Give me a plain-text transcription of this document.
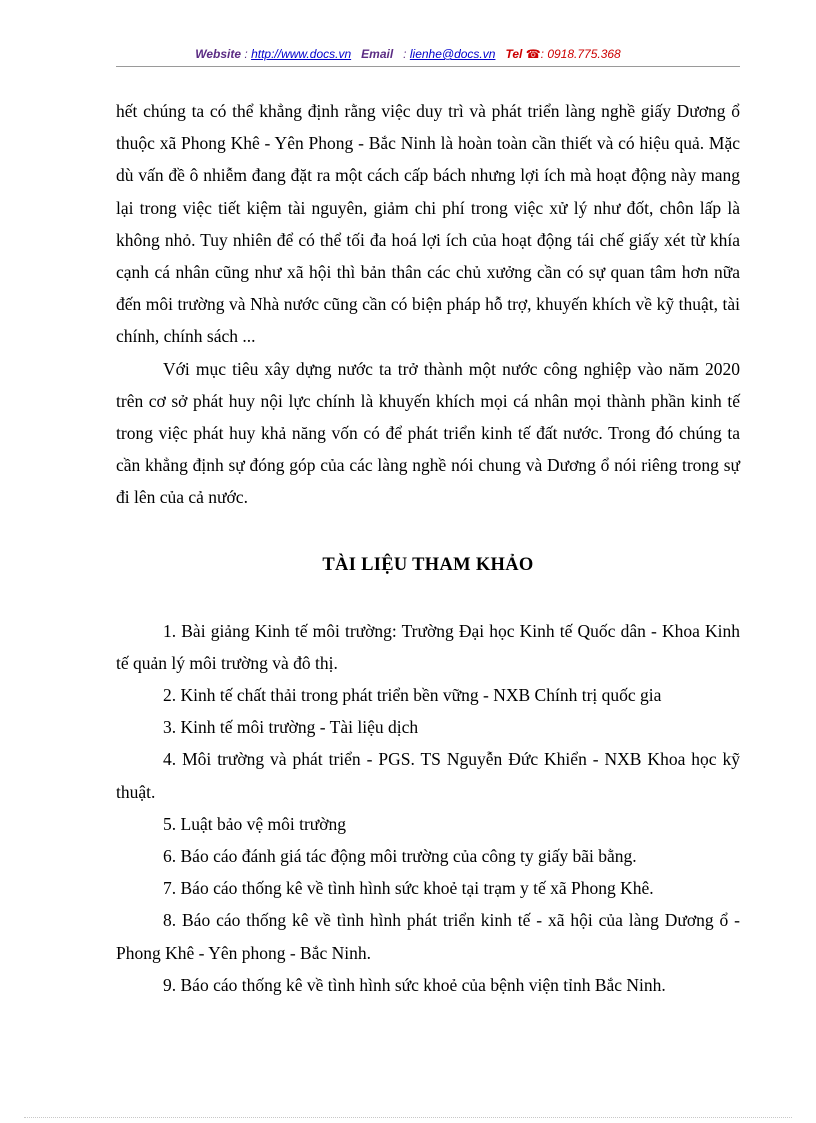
Website : http://www.docs.vn Email : lienhe@docs.vn Tel ☎: 0918.775.368

hết chúng ta có thể khẳng định rằng việc duy trì và phát triển làng nghề giấy Dương ổ thuộc xã Phong Khê - Yên Phong - Bắc Ninh là hoàn toàn cần thiết và có hiệu quả. Mặc dù vấn đề ô nhiễm đang đặt ra một cách cấp bách nhưng lợi ích mà hoạt động này mang lại trong việc tiết kiệm tài nguyên, giảm chi phí trong việc xử lý như đốt, chôn lấp là không nhỏ. Tuy nhiên để có thể tối đa hoá lợi ích của hoạt động tái chế giấy xét từ khía cạnh cá nhân cũng như xã hội thì bản thân các chủ xưởng cần có sự quan tâm hơn nữa đến môi trường và Nhà nước cũng cần có biện pháp hỗ trợ, khuyến khích về kỹ thuật, tài chính, chính sách ...

Với mục tiêu xây dựng nước ta trở thành một nước công nghiệp vào năm 2020 trên cơ sở phát huy nội lực chính là khuyến khích mọi cá nhân mọi thành phần kinh tế trong việc phát huy khả năng vốn có để phát triển kinh tế đất nước. Trong đó chúng ta cần khẳng định sự đóng góp của các làng nghề nói chung và Dương ổ nói riêng trong sự đi lên của cả nước.

TÀI LIỆU THAM KHẢO

1. Bài giảng Kinh tế môi trường: Trường Đại học Kinh tế Quốc dân - Khoa Kinh tế quản lý môi trường và đô thị.

2. Kinh tế chất thải trong phát triển bền vững - NXB Chính trị quốc gia

3. Kinh tế môi trường - Tài liệu dịch

4. Môi trường và phát triển - PGS. TS Nguyễn Đức Khiển - NXB Khoa học kỹ thuật.

5. Luật bảo vệ môi trường

6. Báo cáo đánh giá tác động môi trường của công ty giấy bãi bằng.

7. Báo cáo thống kê về tình hình sức khoẻ tại trạm y tế xã Phong Khê.

8. Báo cáo thống kê về tình hình phát triển kinh tế - xã hội của làng Dương ổ - Phong Khê - Yên phong - Bắc Ninh.

9. Báo cáo thống kê về tình hình sức khoẻ của bệnh viện tỉnh Bắc Ninh.
